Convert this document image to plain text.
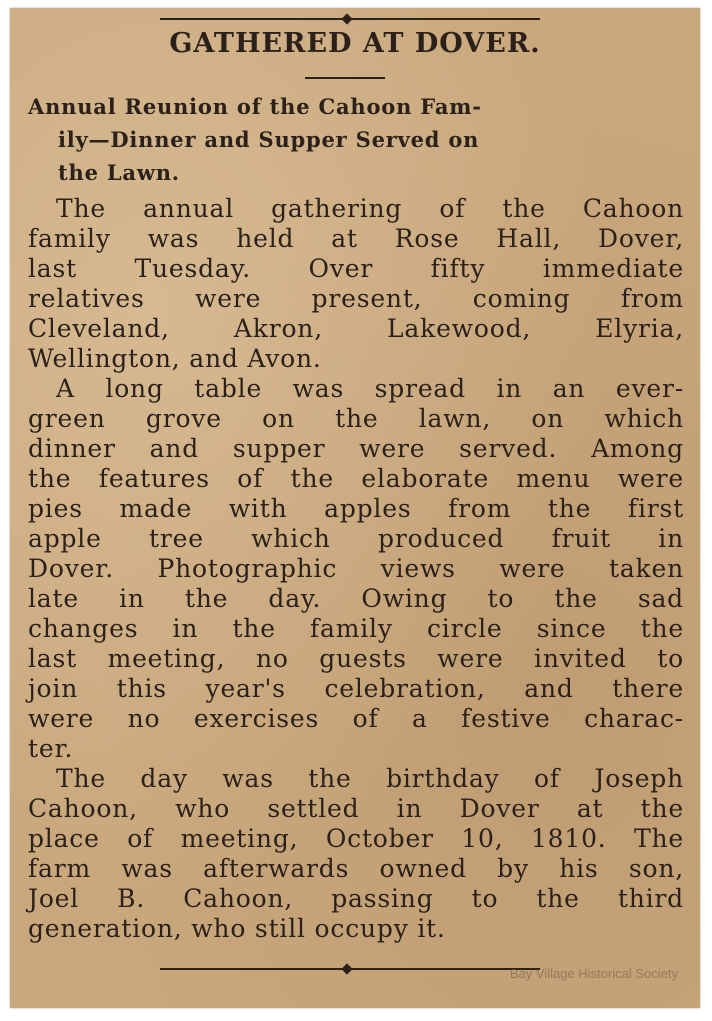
GATHERED AT DOVER.
Annual Reunion of the Cahoon Fam-
ily—Dinner and Supper Served on
the Lawn.
The annual gathering of the Cahoon
family was held at Rose Hall, Dover,
last Tuesday. Over fifty immediate
relatives were present, coming from
Cleveland, Akron, Lakewood, Elyria,
Wellington, and Avon.
A long table was spread in an ever-
green grove on the lawn, on which
dinner and supper were served. Among
the features of the elaborate menu were
pies made with apples from the first
apple tree which produced fruit in
Dover. Photographic views were taken
late in the day. Owing to the sad
changes in the family circle since the
last meeting, no guests were invited to
join this year's celebration, and there
were no exercises of a festive charac-
ter.
The day was the birthday of Joseph
Cahoon, who settled in Dover at the
place of meeting, October 10, 1810. The
farm was afterwards owned by his son,
Joel B. Cahoon, passing to the third
generation, who still occupy it.
Bay Village Historical Society
